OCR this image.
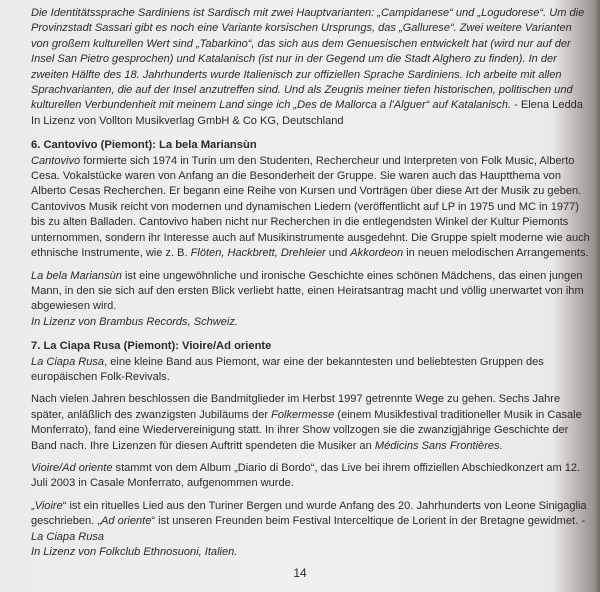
Die Identitätssprache Sardiniens ist Sardisch mit zwei Hauptvarianten: „Campidanese“ und „Logudorese“. Um die Provinzstadt Sassari gibt es noch eine Variante korsischen Ursprungs, das „Gallurese“. Zwei weitere Varianten von großem kulturellen Wert sind „Tabarkino“, das sich aus dem Genuesischen entwickelt hat (wird nur auf der Insel San Pietro gesprochen) und Katalanisch (ist nur in der Gegend um die Stadt Alghero zu finden). In der zweiten Hälfte des 18. Jahrhunderts wurde Italienisch zur offiziellen Sprache Sardiniens. Ich arbeite mit allen Sprachvarianten, die auf der Insel anzutreffen sind. Und als Zeugnis meiner tiefen historischen, politischen und kulturellen Verbundenheit mit meinem Land singe ich „Des de Mallorca a l'Alguer“ auf Katalanisch. - Elena Ledda

In Lizenz von Vollton Musikverlag GmbH & Co KG, Deutschland

6. Cantovivo (Piemont): La bela Mariansùn

Cantovivo formierte sich 1974 in Turin um den Studenten, Rechercheur und Interpreten von Folk Music, Alberto Cesa. Vokalstücke waren von Anfang an die Besonderheit der Gruppe. Sie waren auch das Hauptthema von Alberto Cesas Recherchen. Er begann eine Reihe von Kursen und Vorträgen über diese Art der Musik zu geben. Cantovivos Musik reicht von modernen und dynamischen Liedern (veröffentlicht auf LP in 1975 und MC in 1977) bis zu alten Balladen. Cantovivo haben nicht nur Recherchen in die entlegendsten Winkel der Kultur Piemonts unternommen, sondern ihr Interesse auch auf Musikinstrumente ausgedehnt. Die Gruppe spielt moderne wie auch ethnische Instrumente, wie z. B. Flöten, Hackbrett, Drehleier und Akkordeon in neuen melodischen Arrangements.

La bela Mariansùn ist eine ungewöhnliche und ironische Geschichte eines schönen Mädchens, das einen jungen Mann, in den sie sich auf den ersten Blick verliebt hatte, einen Heiratsantrag macht und völlig unerwartet von ihm abgewiesen wird.

In Lizenz von Brambus Records, Schweiz.

7. La Ciapa Rusa (Piemont): Vioire/Ad oriente

La Ciapa Rusa, eine kleine Band aus Piemont, war eine der bekanntesten und beliebtesten Gruppen des europäischen Folk-Revivals.

Nach vielen Jahren beschlossen die Bandmitglieder im Herbst 1997 getrennte Wege zu gehen. Sechs Jahre später, anläßlich des zwanzigsten Jubiläums der Folkermesse (einem Musikfestival traditioneller Musik in Casale Monferrato), fand eine Wiedervereinigung statt. In ihrer Show vollzogen sie die zwanzigjährige Geschichte der Band nach. Ihre Lizenzen für diesen Auftritt spendeten die Musiker an Médicins Sans Frontières.

Vioire/Ad oriente stammt von dem Album „Diario di Bordo“, das Live bei ihrem offiziellen Abschiedkonzert am 12. Juli 2003 in Casale Monferrato, aufgenommen wurde.

„Vioire“ ist ein rituelles Lied aus den Turiner Bergen und wurde Anfang des 20. Jahrhunderts von Leone Sinigaglia geschrieben. „Ad oriente“ ist unseren Freunden beim Festival Interceltique de Lorient in der Bretagne gewidmet. - La Ciapa Rusa

In Lizenz von Folkclub Ethnosuoni, Italien.

14
